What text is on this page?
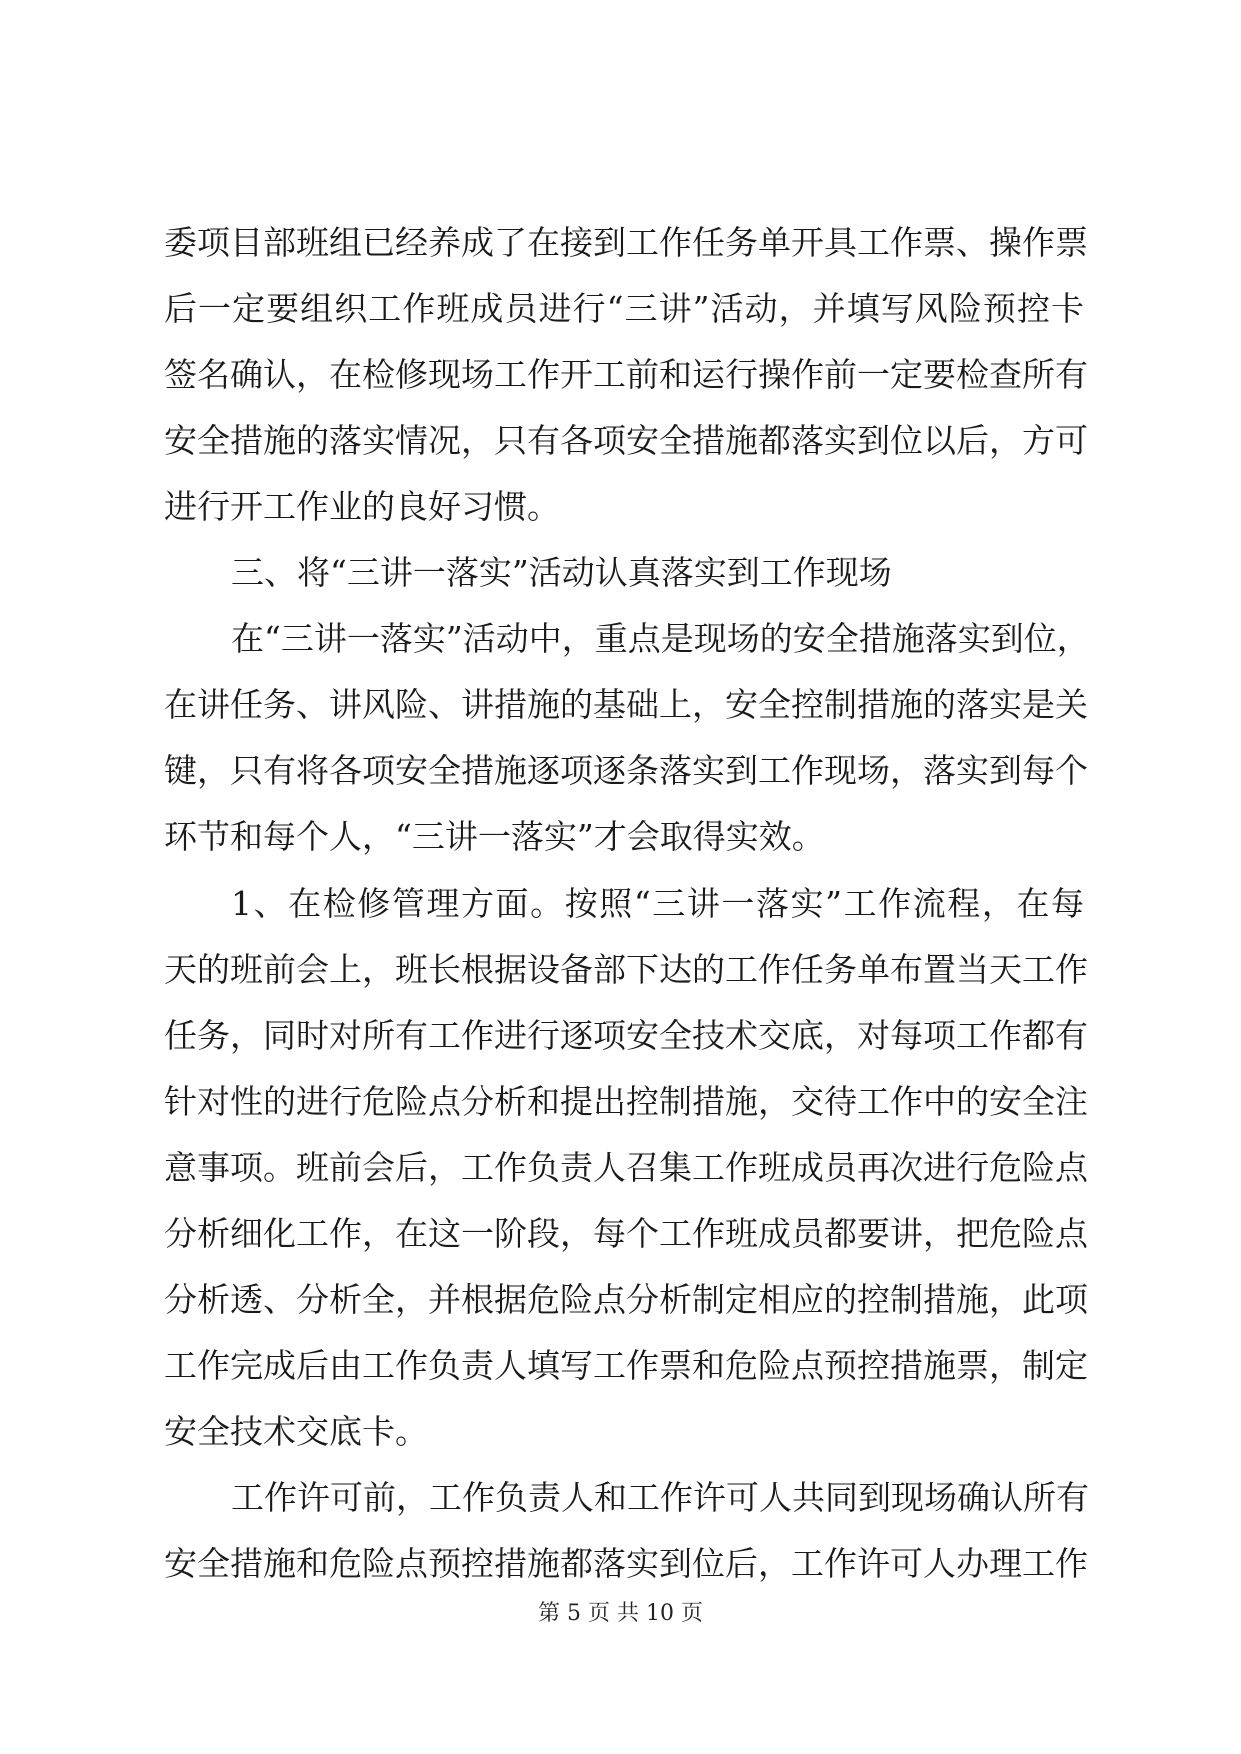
委项目部班组已经养成了在接到工作任务单开具工作票、操作票
后一定要组织工作班成员进行“三讲”活动，并填写风险预控卡
签名确认，在检修现场工作开工前和运行操作前一定要检查所有
安全措施的落实情况，只有各项安全措施都落实到位以后，方可
进行开工作业的良好习惯。
三、将“三讲一落实”活动认真落实到工作现场
在“三讲一落实”活动中，重点是现场的安全措施落实到位，
在讲任务、讲风险、讲措施的基础上，安全控制措施的落实是关
键，只有将各项安全措施逐项逐条落实到工作现场，落实到每个
环节和每个人，“三讲一落实”才会取得实效。
1、在检修管理方面。按照“三讲一落实”工作流程，在每
天的班前会上，班长根据设备部下达的工作任务单布置当天工作
任务，同时对所有工作进行逐项安全技术交底，对每项工作都有
针对性的进行危险点分析和提出控制措施，交待工作中的安全注
意事项。班前会后，工作负责人召集工作班成员再次进行危险点
分析细化工作，在这一阶段，每个工作班成员都要讲，把危险点
分析透、分析全，并根据危险点分析制定相应的控制措施，此项
工作完成后由工作负责人填写工作票和危险点预控措施票，制定
安全技术交底卡。
工作许可前，工作负责人和工作许可人共同到现场确认所有
安全措施和危险点预控措施都落实到位后，工作许可人办理工作
第 5 页 共 10 页
